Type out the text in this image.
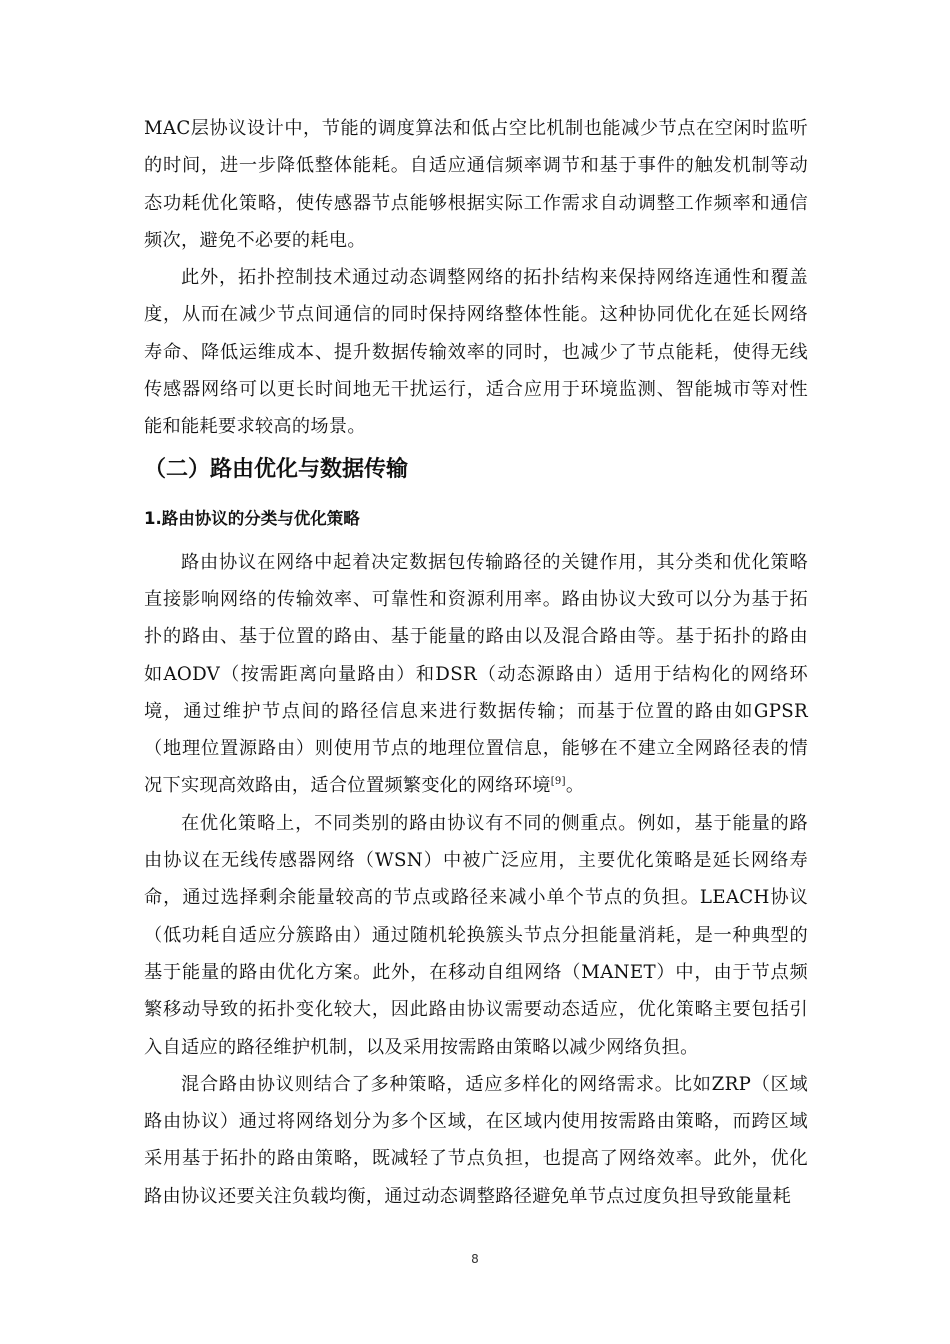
MAC层协议设计中，节能的调度算法和低占空比机制也能减少节点在空闲时监听的时间，进一步降低整体能耗。自适应通信频率调节和基于事件的触发机制等动态功耗优化策略，使传感器节点能够根据实际工作需求自动调整工作频率和通信频次，避免不必要的耗电。

此外，拓扑控制技术通过动态调整网络的拓扑结构来保持网络连通性和覆盖度，从而在减少节点间通信的同时保持网络整体性能。这种协同优化在延长网络寿命、降低运维成本、提升数据传输效率的同时，也减少了节点能耗，使得无线传感器网络可以更长时间地无干扰运行，适合应用于环境监测、智能城市等对性能和能耗要求较高的场景。

（二）路由优化与数据传输
1.路由协议的分类与优化策略

路由协议在网络中起着决定数据包传输路径的关键作用，其分类和优化策略直接影响网络的传输效率、可靠性和资源利用率。路由协议大致可以分为基于拓扑的路由、基于位置的路由、基于能量的路由以及混合路由等。基于拓扑的路由如AODV（按需距离向量路由）和DSR（动态源路由）适用于结构化的网络环境，通过维护节点间的路径信息来进行数据传输；而基于位置的路由如GPSR（地理位置源路由）则使用节点的地理位置信息，能够在不建立全网路径表的情况下实现高效路由，适合位置频繁变化的网络环境[9]。

在优化策略上，不同类别的路由协议有不同的侧重点。例如，基于能量的路由协议在无线传感器网络（WSN）中被广泛应用，主要优化策略是延长网络寿命，通过选择剩余能量较高的节点或路径来减小单个节点的负担。LEACH协议（低功耗自适应分簇路由）通过随机轮换簇头节点分担能量消耗，是一种典型的基于能量的路由优化方案。此外，在移动自组网络（MANET）中，由于节点频繁移动导致的拓扑变化较大，因此路由协议需要动态适应，优化策略主要包括引入自适应的路径维护机制，以及采用按需路由策略以减少网络负担。

混合路由协议则结合了多种策略，适应多样化的网络需求。比如ZRP（区域路由协议）通过将网络划分为多个区域，在区域内使用按需路由策略，而跨区域采用基于拓扑的路由策略，既减轻了节点负担，也提高了网络效率。此外，优化路由协议还要关注负载均衡，通过动态调整路径避免单节点过度负担导致能量耗

8
